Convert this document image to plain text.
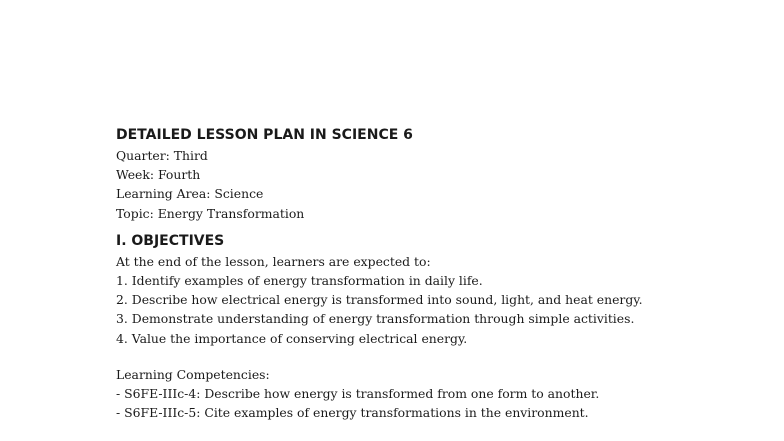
DETAILED LESSON PLAN IN SCIENCE 6

Quarter: Third

Week: Fourth

Learning Area: Science

Topic: Energy Transformation

I. OBJECTIVES

At the end of the lesson, learners are expected to:

1. Identify examples of energy transformation in daily life.

2. Describe how electrical energy is transformed into sound, light, and heat energy.

3. Demonstrate understanding of energy transformation through simple activities.

4. Value the importance of conserving electrical energy.

Learning Competencies:

- S6FE-IIIc-4: Describe how energy is transformed from one form to another.

- S6FE-IIIc-5: Cite examples of energy transformations in the environment.
